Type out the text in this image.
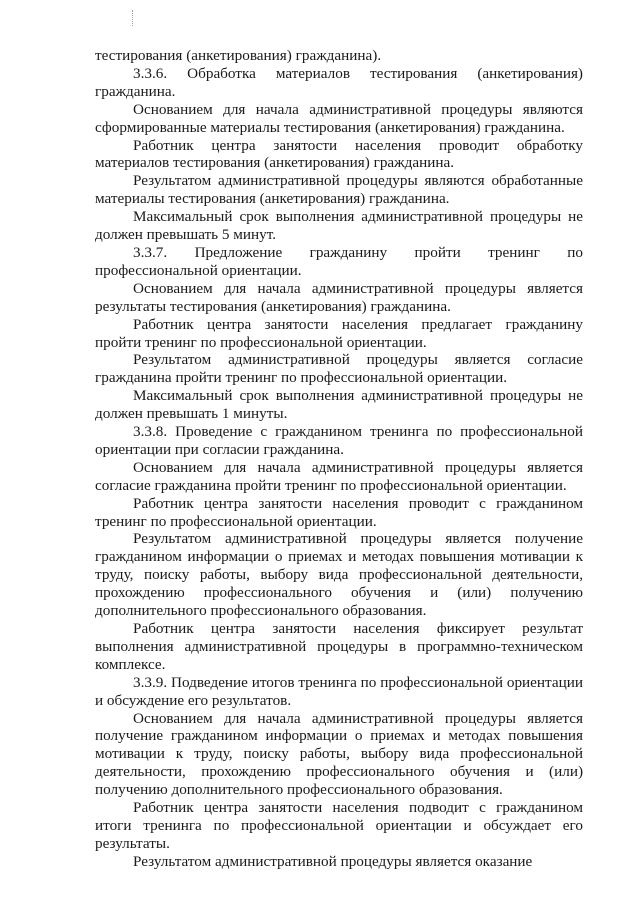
тестирования (анкетирования) гражданина).

3.3.6. Обработка материалов тестирования (анкетирования) гражданина.

Основанием для начала административной процедуры являются сформированные материалы тестирования (анкетирования) гражданина.

Работник центра занятости населения проводит обработку материалов тестирования (анкетирования) гражданина.

Результатом административной процедуры являются обработанные материалы тестирования (анкетирования) гражданина.

Максимальный срок выполнения административной процедуры не должен превышать 5 минут.

3.3.7. Предложение гражданину пройти тренинг по профессиональной ориентации.

Основанием для начала административной процедуры является результаты тестирования (анкетирования) гражданина.

Работник центра занятости населения предлагает гражданину пройти тренинг по профессиональной ориентации.

Результатом административной процедуры является согласие гражданина пройти тренинг по профессиональной ориентации.

Максимальный срок выполнения административной процедуры не должен превышать 1 минуты.

3.3.8. Проведение с гражданином тренинга по профессиональной ориентации при согласии гражданина.

Основанием для начала административной процедуры является согласие гражданина пройти тренинг по профессиональной ориентации.

Работник центра занятости населения проводит с гражданином тренинг по профессиональной ориентации.

Результатом административной процедуры является получение гражданином информации о приемах и методах повышения мотивации к труду, поиску работы, выбору вида профессиональной деятельности, прохождению профессионального обучения и (или) получению дополнительного профессионального образования.

Работник центра занятости населения фиксирует результат выполнения административной процедуры в программно-техническом комплексе.

3.3.9. Подведение итогов тренинга по профессиональной ориентации и обсуждение его результатов.

Основанием для начала административной процедуры является получение гражданином информации о приемах и методах повышения мотивации к труду, поиску работы, выбору вида профессиональной деятельности, прохождению профессионального обучения и (или) получению дополнительного профессионального образования.

Работник центра занятости населения подводит с гражданином итоги тренинга по профессиональной ориентации и обсуждает его результаты.

Результатом административной процедуры является оказание
